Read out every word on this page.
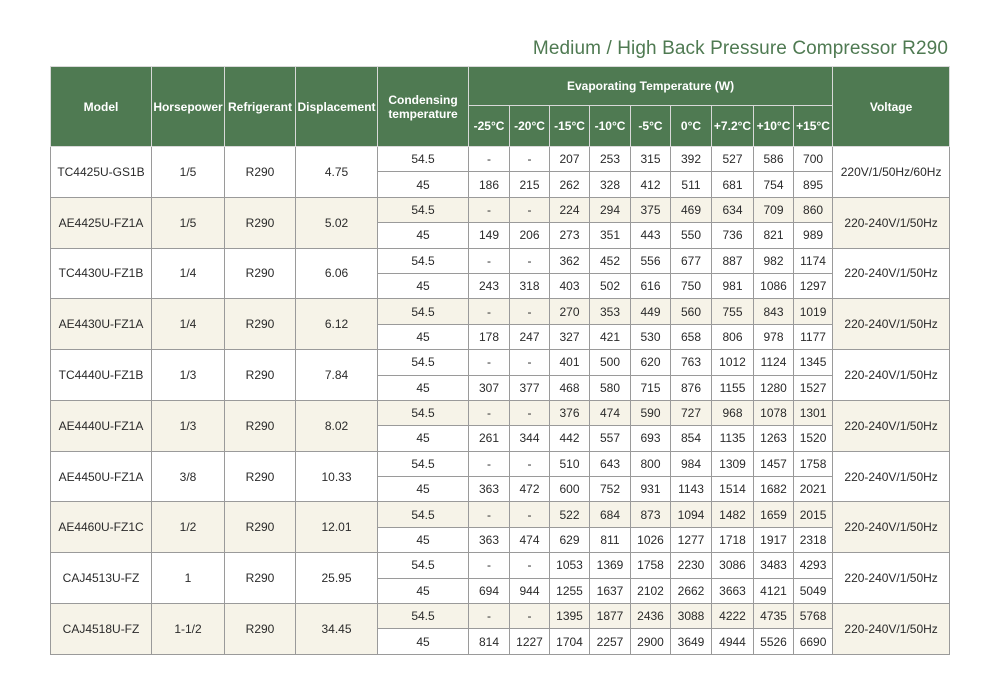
Medium / High Back Pressure Compressor R290
Model	Horsepower	Refrigerant	Displacement	Condensing temperature	Evaporating Temperature (W)									Voltage
					-25°C	-20°C	-15°C	-10°C	-5°C	0°C	+7.2°C	+10°C	+15°C	
TC4425U-GS1B	1/5	R290	4.75	54.5	-	-	207	253	315	392	527	586	700	220V/1/50Hz/60Hz
				45	186	215	262	328	412	511	681	754	895	
AE4425U-FZ1A	1/5	R290	5.02	54.5	-	-	224	294	375	469	634	709	860	220-240V/1/50Hz
				45	149	206	273	351	443	550	736	821	989	
TC4430U-FZ1B	1/4	R290	6.06	54.5	-	-	362	452	556	677	887	982	1174	220-240V/1/50Hz
				45	243	318	403	502	616	750	981	1086	1297	
AE4430U-FZ1A	1/4	R290	6.12	54.5	-	-	270	353	449	560	755	843	1019	220-240V/1/50Hz
				45	178	247	327	421	530	658	806	978	1177	
TC4440U-FZ1B	1/3	R290	7.84	54.5	-	-	401	500	620	763	1012	1124	1345	220-240V/1/50Hz
				45	307	377	468	580	715	876	1155	1280	1527	
AE4440U-FZ1A	1/3	R290	8.02	54.5	-	-	376	474	590	727	968	1078	1301	220-240V/1/50Hz
				45	261	344	442	557	693	854	1135	1263	1520	
AE4450U-FZ1A	3/8	R290	10.33	54.5	-	-	510	643	800	984	1309	1457	1758	220-240V/1/50Hz
				45	363	472	600	752	931	1143	1514	1682	2021	
AE4460U-FZ1C	1/2	R290	12.01	54.5	-	-	522	684	873	1094	1482	1659	2015	220-240V/1/50Hz
				45	363	474	629	811	1026	1277	1718	1917	2318	
CAJ4513U-FZ	1	R290	25.95	54.5	-	-	1053	1369	1758	2230	3086	3483	4293	220-240V/1/50Hz
				45	694	944	1255	1637	2102	2662	3663	4121	5049	
CAJ4518U-FZ	1-1/2	R290	34.45	54.5	-	-	1395	1877	2436	3088	4222	4735	5768	220-240V/1/50Hz
				45	814	1227	1704	2257	2900	3649	4944	5526	6690	
